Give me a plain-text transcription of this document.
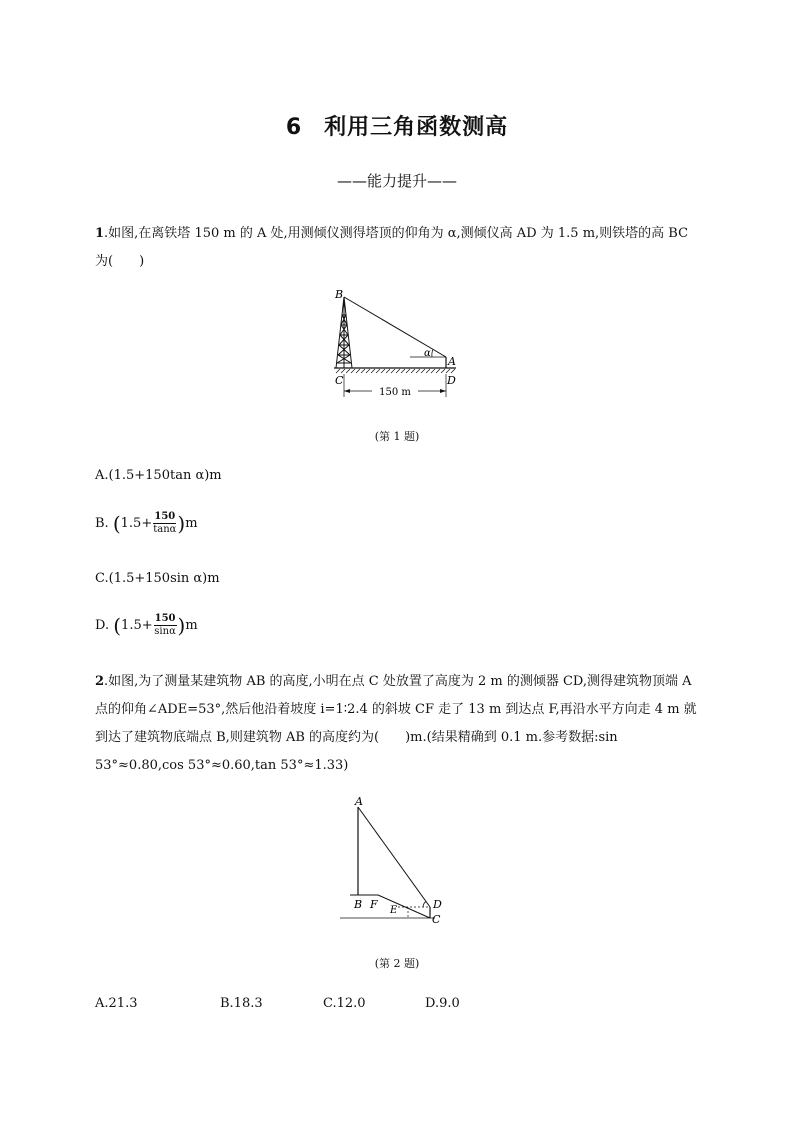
6 利用三角函数测高
——能力提升——
1.如图,在离铁塔 150 m 的 A 处,用测倾仪测得塔顶的仰角为 α,测倾仪高 AD 为 1.5 m,则铁塔的高 BC 为(　　)
B
A
C	D
α
150 m
(第 1 题)
A.(1.5+150tan α)m
B. $(1.5+ \frac{150}{\tan\alpha} )m$
C.(1.5+150sin α)m
D. $(1.5+ \frac{150}{\sin\alpha} )m$
2.如图,为了测量某建筑物 AB 的高度,小明在点 C 处放置了高度为 2 m 的测倾器 CD,测得建筑物顶端 A 点的仰角∠ADE=53°,然后他沿着坡度 i=1∶2.4 的斜坡 CF 走了 13 m 到达点 F,再沿水平方向走 4 m 就到达了建筑物底端点 B,则建筑物 AB 的高度约为(　　)m.(结果精确到 0.1 m.参考数据:sin 53°≈0.80,cos 53°≈0.60,tan 53°≈1.33)
A
B F E	D
C
(第 2 题)
A.21.3	B.18.3	C.12.0	D.9.0
